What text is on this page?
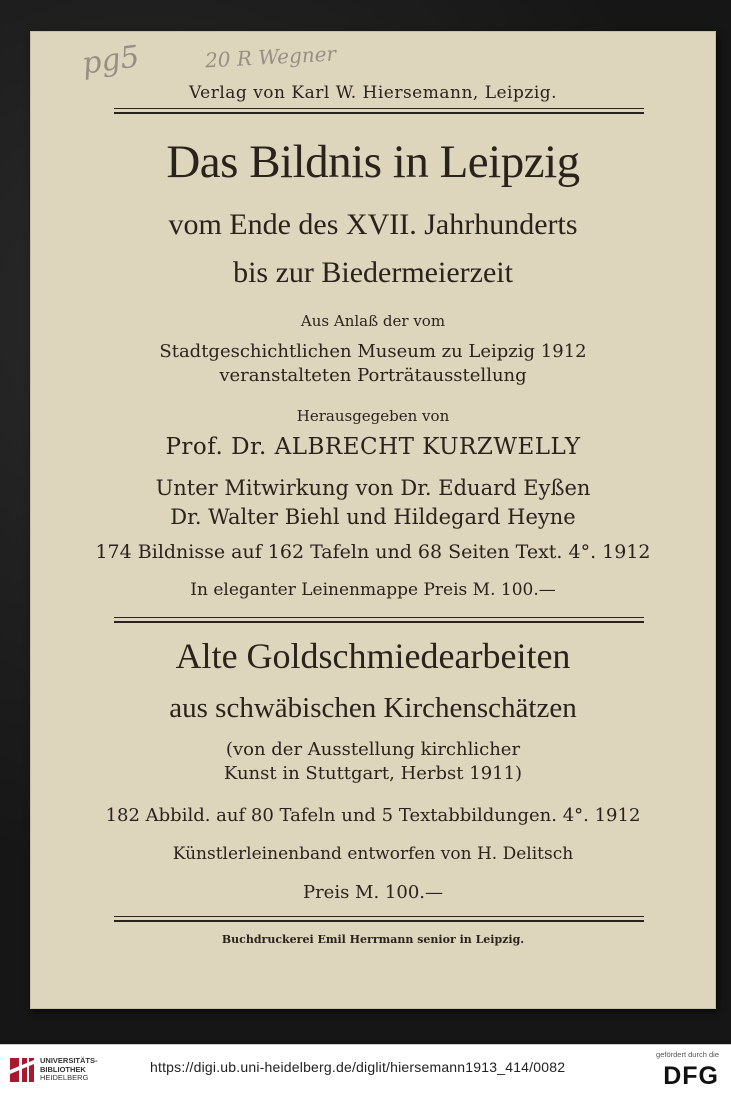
pg5	20 R Wegner
Verlag von Karl W. Hiersemann, Leipzig.
Das Bildnis in Leipzig
vom Ende des XVII. Jahrhunderts
bis zur Biedermeierzeit
Aus Anlaß der vom
Stadtgeschichtlichen Museum zu Leipzig 1912
veranstalteten Porträtausstellung
Herausgegeben von
Prof. Dr. ALBRECHT KURZWELLY
Unter Mitwirkung von Dr. Eduard Eyßen
Dr. Walter Biehl und Hildegard Heyne
174 Bildnisse auf 162 Tafeln und 68 Seiten Text. 4°. 1912
In eleganter Leinenmappe Preis M. 100.—
Alte Goldschmiedearbeiten
aus schwäbischen Kirchenschätzen
(von der Ausstellung kirchlicher
Kunst in Stuttgart, Herbst 1911)
182 Abbild. auf 80 Tafeln und 5 Textabbildungen. 4°. 1912
Künstlerleinenband entworfen von H. Delitsch
Preis M. 100.—
Buchdruckerei Emil Herrmann senior in Leipzig.
UNIVERSITÄTS-
BIBLIOTHEK
HEIDELBERG
https://digi.ub.uni-heidelberg.de/diglit/hiersemann1913_414/0082
gefördert durch die
DFG
